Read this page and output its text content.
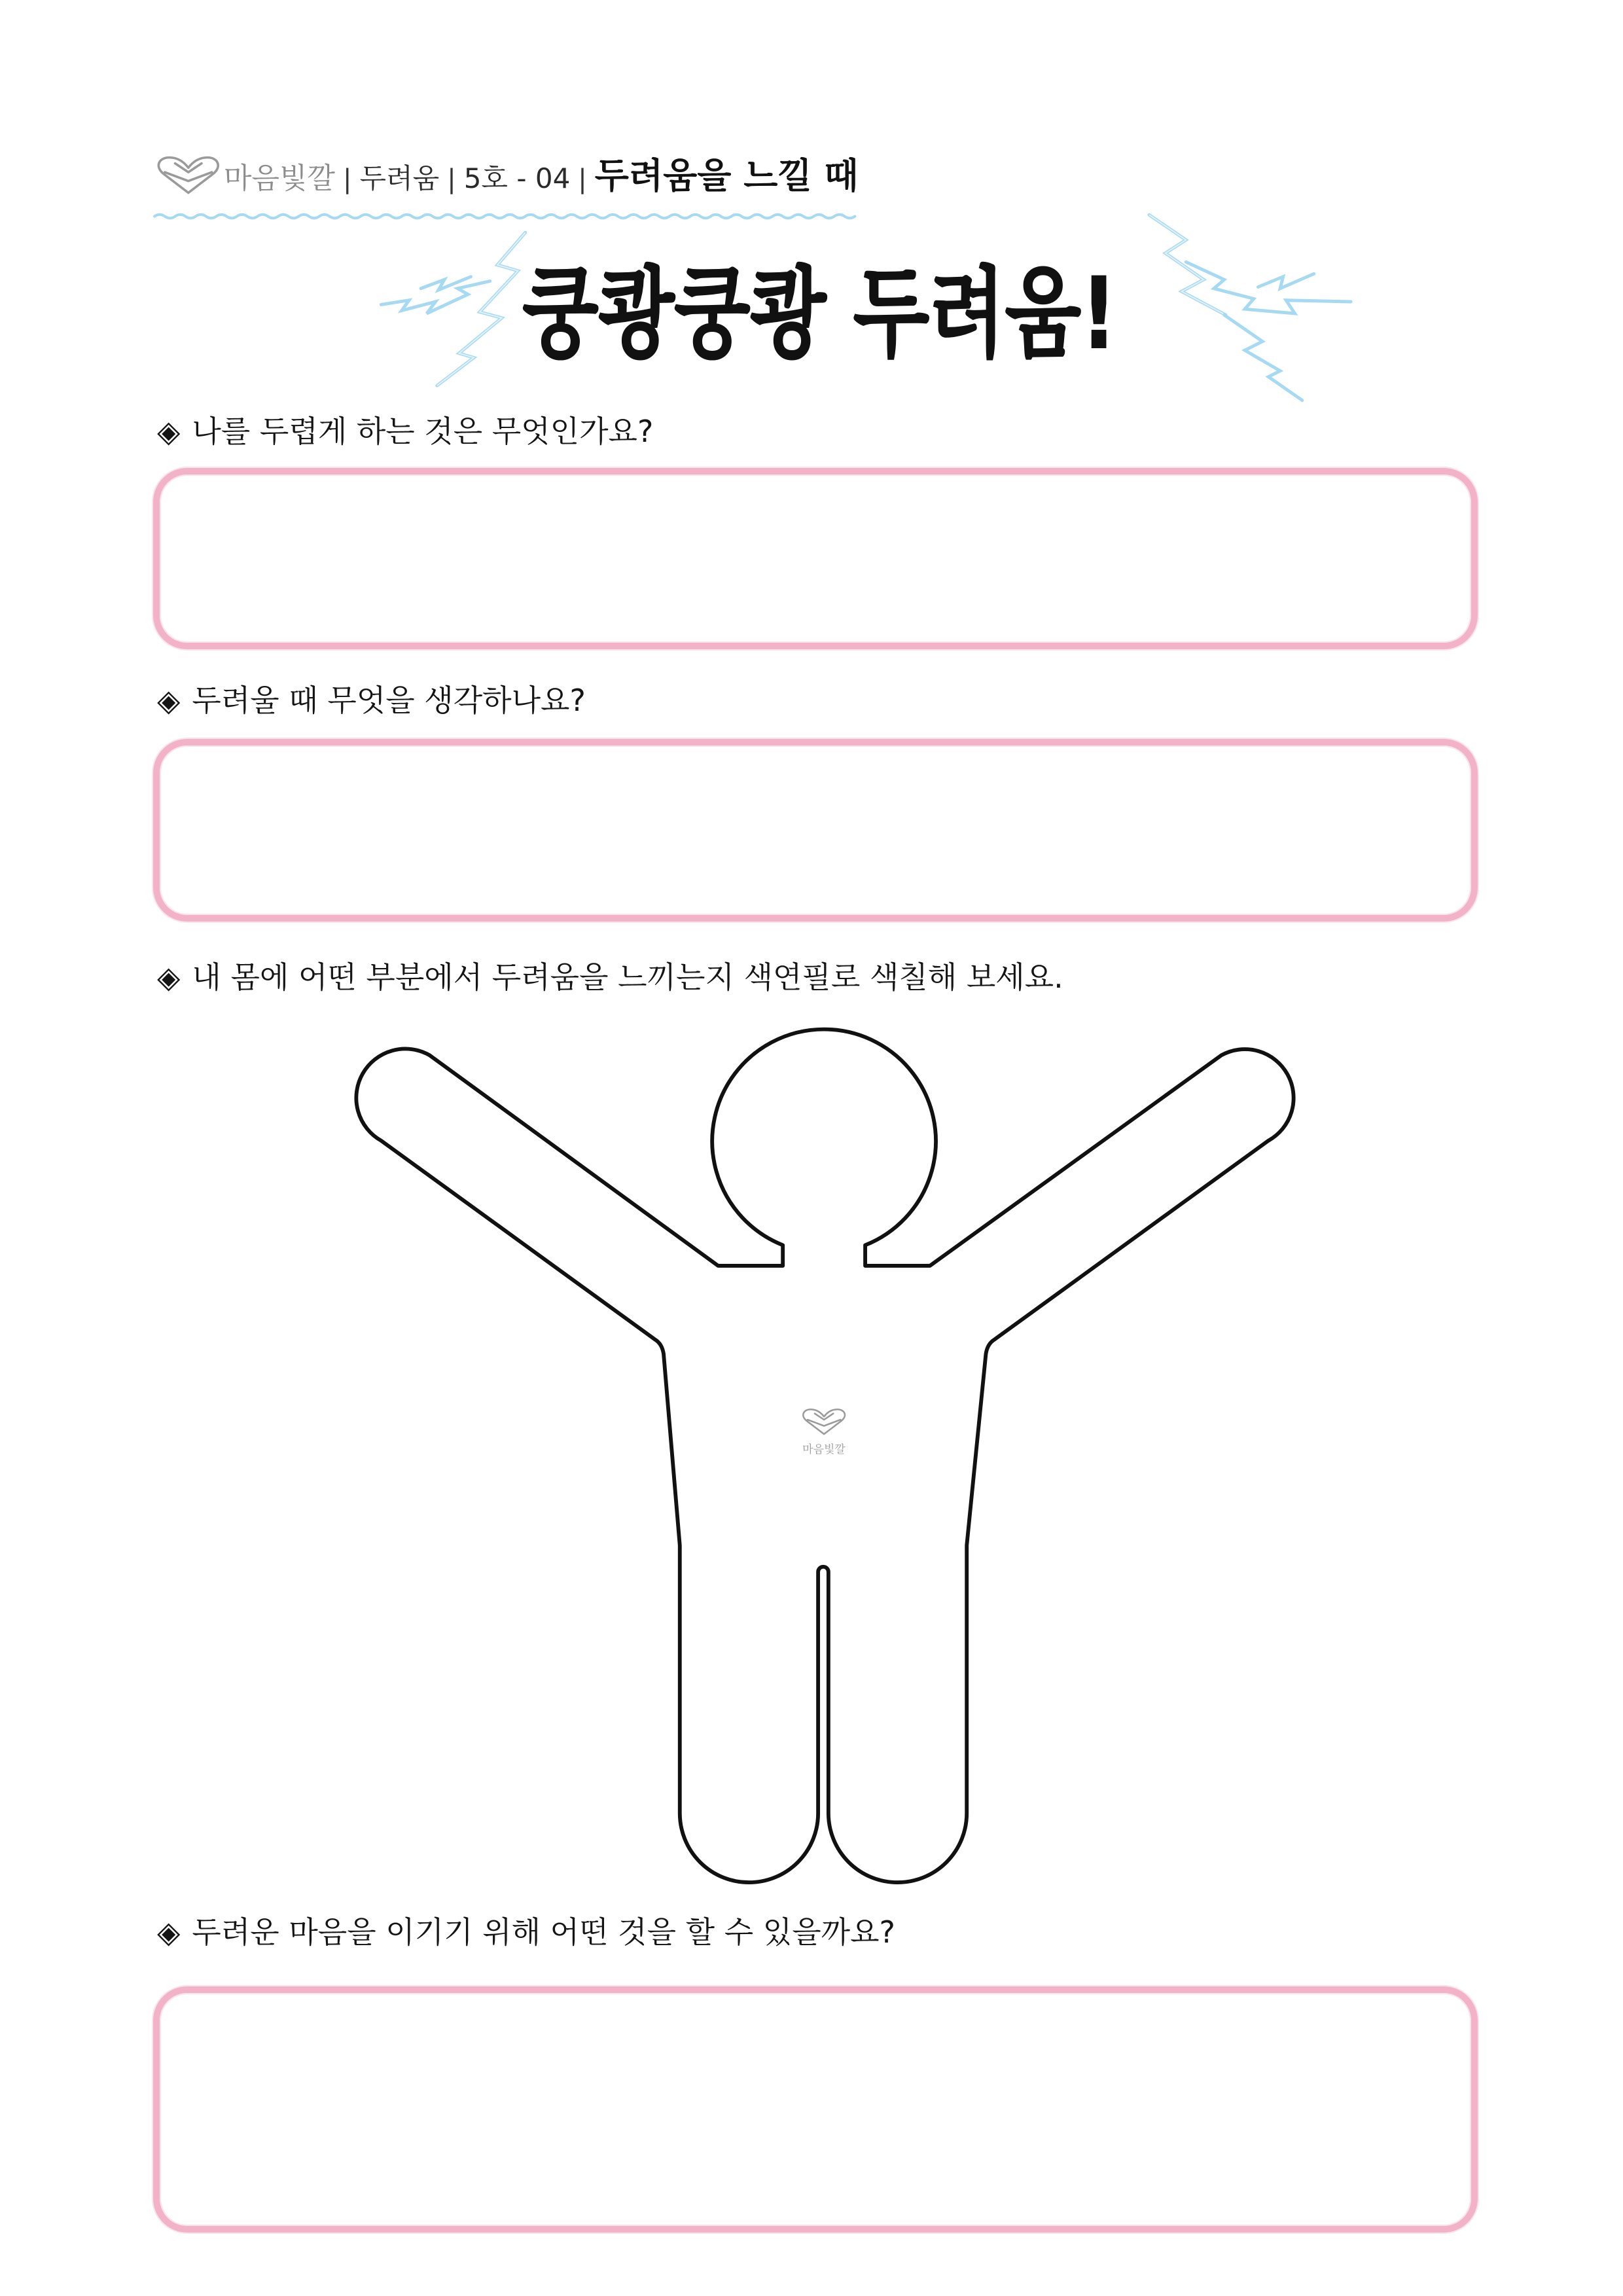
마음빛깔 | 두려움 | 5호 - 04 | 두려움을 느낄 때
쿵쾅쿵쾅 두려움!
◈ 나를 두렵게 하는 것은 무엇인가요?
◈ 두려울 때 무엇을 생각하나요?
◈ 내 몸에 어떤 부분에서 두려움을 느끼는지 색연필로 색칠해 보세요.
마음빛깔
◈ 두려운 마음을 이기기 위해 어떤 것을 할 수 있을까요?
